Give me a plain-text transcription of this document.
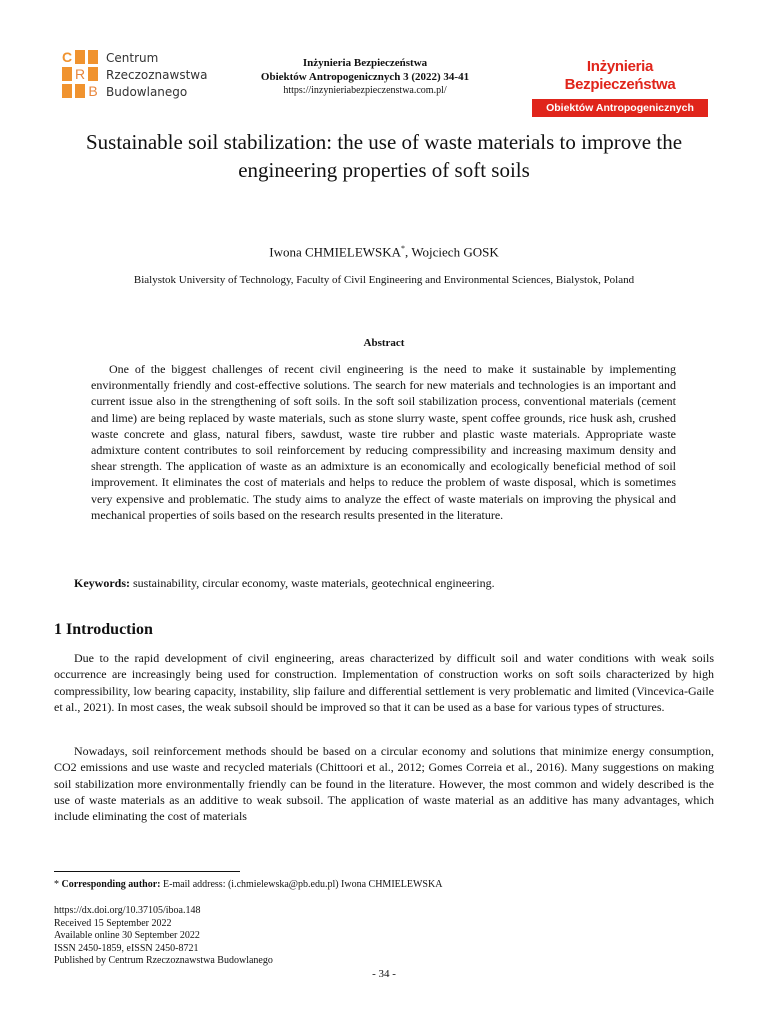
C
R
B
Centrum
Rzeczoznawstwa
Budowlanego
Inżynieria Bezpieczeństwa
Obiektów Antropogenicznych 3 (2022) 34-41
https://inzynieriabezpieczenstwa.com.pl/
Inżynieria Bezpieczeństwa
Obiektów Antropogenicznych
Sustainable soil stabilization: the use of waste materials to improve the engineering properties of soft soils
Iwona CHMIELEWSKA*, Wojciech GOSK
Bialystok University of Technology, Faculty of Civil Engineering and Environmental Sciences, Bialystok, Poland
Abstract

One of the biggest challenges of recent civil engineering is the need to make it sustainable by implementing environmentally friendly and cost-effective solutions. The search for new materials and technologies is an important and current issue also in the strengthening of soft soils. In the soft soil stabilization process, conventional materials (cement and lime) are being replaced by waste materials, such as stone slurry waste, spent coffee grounds, rice husk ash, crushed waste concrete and glass, natural fibers, sawdust, waste tire rubber and plastic waste materials. Appropriate waste admixture content contributes to soil reinforcement by reducing compressibility and increasing maximum density and shear strength. The application of waste as an admixture is an economically and ecologically beneficial method of soil improvement. It eliminates the cost of materials and helps to reduce the problem of waste disposal, which is sometimes very expensive and problematic. The study aims to analyze the effect of waste materials on improving the physical and mechanical properties of soils based on the research results presented in the literature.

Keywords: sustainability, circular economy, waste materials, geotechnical engineering.
1 Introduction

Due to the rapid development of civil engineering, areas characterized by difficult soil and water conditions with weak soils occurrence are increasingly being used for construction. Implementation of construction works on soft soils characterized by high compressibility, low bearing capacity, instability, slip failure and differential settlement is very problematic and limited (Vincevica-Gaile et al., 2021). In most cases, the weak subsoil should be improved so that it can be used as a base for various types of structures.

Nowadays, soil reinforcement methods should be based on a circular economy and solutions that minimize energy consumption, CO2 emissions and use waste and recycled materials (Chittoori et al., 2012; Gomes Correia et al., 2016). Many suggestions on making soil stabilization more environmentally friendly can be found in the literature. However, the most common and widely described is the use of waste materials as an additive to weak subsoil. The application of waste material as an additive has many advantages, which include eliminating the cost of materials

* Corresponding author: E-mail address: (i.chmielewska@pb.edu.pl) Iwona CHMIELEWSKA
https://dx.doi.org/10.37105/iboa.148
Received 15 September 2022
Available online 30 September 2022
ISSN 2450-1859, eISSN 2450-8721
Published by Centrum Rzeczoznawstwa Budowlanego
- 34 -
